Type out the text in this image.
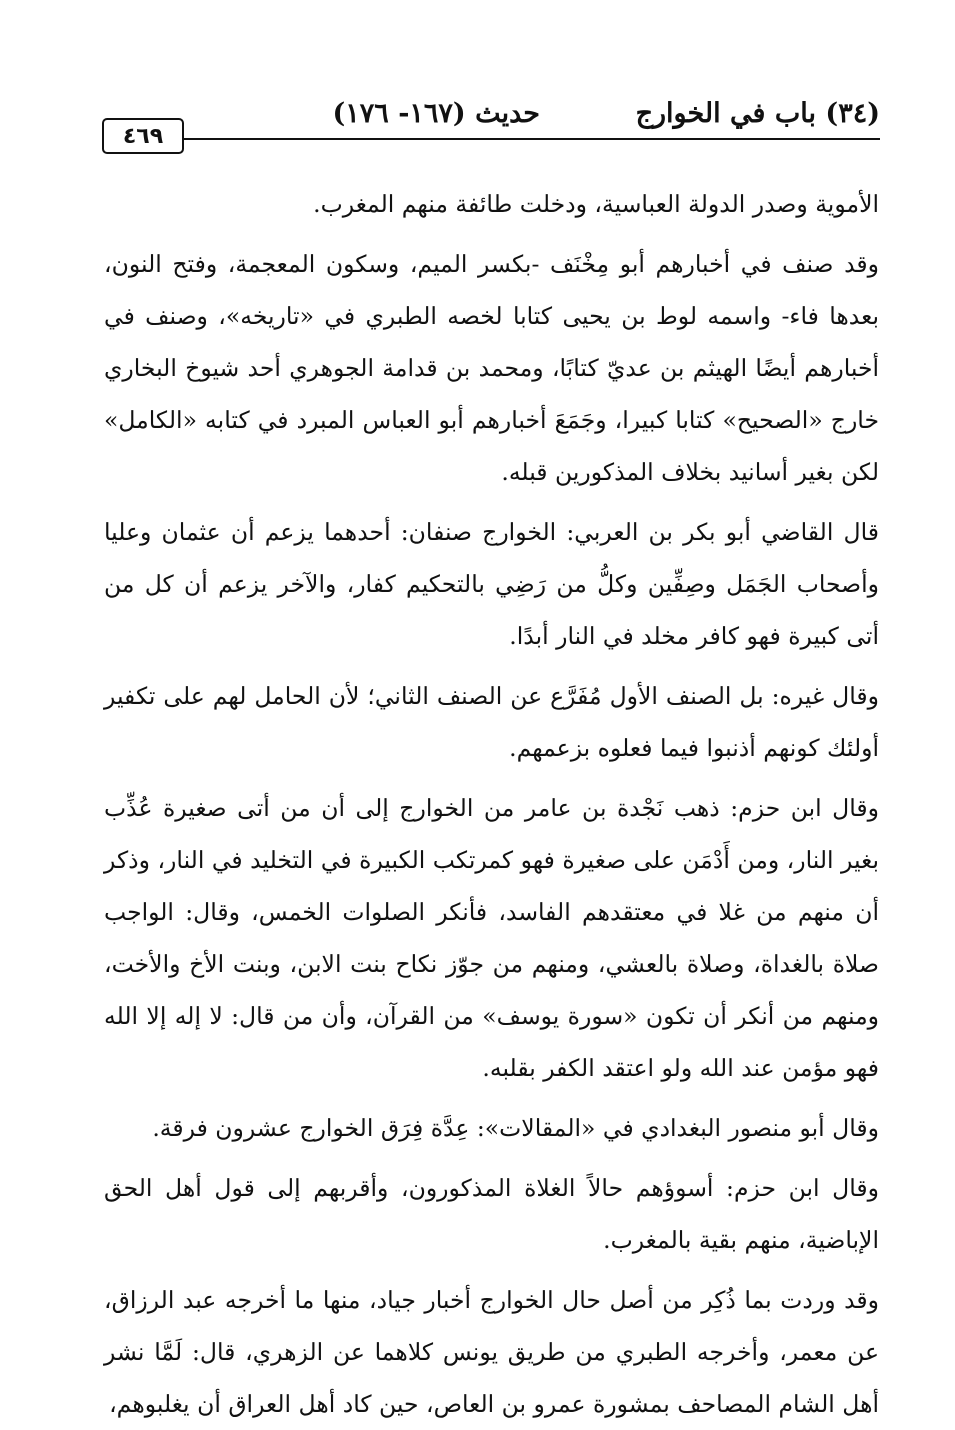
(٣٤) باب في الخوارج
حديث (١٦٧- ١٧٦)
٤٦٩

الأموية وصدر الدولة العباسية، ودخلت طائفة منهم المغرب.

وقد صنف في أخبارهم أبو مِخْنَف -بكسر الميم، وسكون المعجمة، وفتح النون، بعدها فاء- واسمه لوط بن يحيى كتابا لخصه الطبري في «تاريخه»، وصنف في أخبارهم أيضًا الهيثم بن عديّ كتابًا، ومحمد بن قدامة الجوهري أحد شيوخ البخاري خارج «الصحيح» كتابا كبيرا، وجَمَعَ أخبارهم أبو العباس المبرد في كتابه «الكامل» لكن بغير أسانيد بخلاف المذكورين قبله.

قال القاضي أبو بكر بن العربي: الخوارج صنفان: أحدهما يزعم أن عثمان وعليا وأصحاب الجَمَل وصِفِّين وكلُّ من رَضِي بالتحكيم كفار، والآخر يزعم أن كل من أتى كبيرة فهو كافر مخلد في النار أبدًا.

وقال غيره: بل الصنف الأول مُفَرَّع عن الصنف الثاني؛ لأن الحامل لهم على تكفير أولئك كونهم أذنبوا فيما فعلوه بزعمهم.

وقال ابن حزم: ذهب نَجْدة بن عامر من الخوارج إلى أن من أتى صغيرة عُذِّب بغير النار، ومن أَدْمَن على صغيرة فهو كمرتكب الكبيرة في التخليد في النار، وذكر أن منهم من غلا في معتقدهم الفاسد، فأنكر الصلوات الخمس، وقال: الواجب صلاة بالغداة، وصلاة بالعشي، ومنهم من جوّز نكاح بنت الابن، وبنت الأخ والأخت، ومنهم من أنكر أن تكون «سورة يوسف» من القرآن، وأن من قال: لا إله إلا الله فهو مؤمن عند الله ولو اعتقد الكفر بقلبه.

وقال أبو منصور البغدادي في «المقالات»: عِدَّة فِرَق الخوارج عشرون فرقة.

وقال ابن حزم: أسوؤهم حالاً الغلاة المذكورون، وأقربهم إلى قول أهل الحق الإباضية، منهم بقية بالمغرب.

وقد وردت بما ذُكِر من أصل حال الخوارج أخبار جياد، منها ما أخرجه عبد الرزاق، عن معمر، وأخرجه الطبري من طريق يونس كلاهما عن الزهري، قال: لَمَّا نشر أهل الشام المصاحف بمشورة عمرو بن العاص، حين كاد أهل العراق أن يغلبوهم،
